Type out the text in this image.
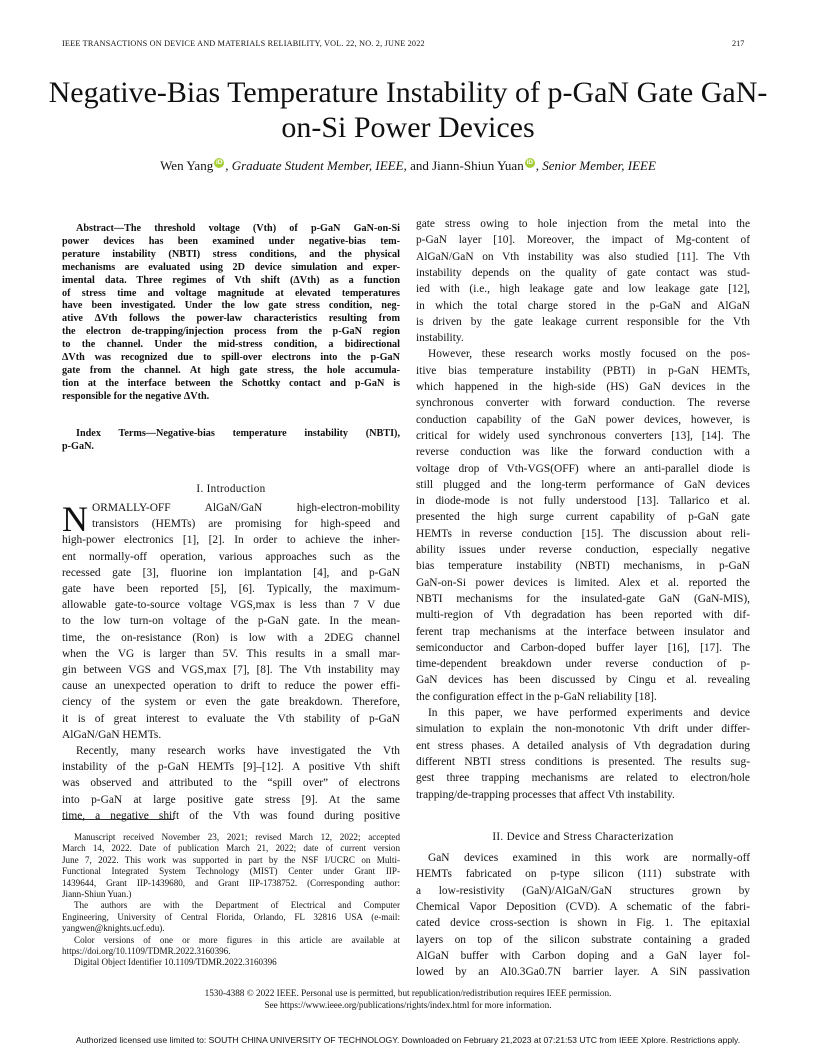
IEEE TRANSACTIONS ON DEVICE AND MATERIALS RELIABILITY, VOL. 22, NO. 2, JUNE 2022	217
Negative-Bias Temperature Instability of p-GaN Gate GaN-on-Si Power Devices
Wen Yang iD , Graduate Student Member, IEEE, and Jiann-Shiun Yuan iD , Senior Member, IEEE
Abstract—The threshold voltage (Vth) of p-GaN GaN-on-Si
power devices has been examined under negative-bias tem-
perature instability (NBTI) stress conditions, and the physical
mechanisms are evaluated using 2D device simulation and exper-
imental data. Three regimes of Vth shift (ΔVth) as a function
of stress time and voltage magnitude at elevated temperatures
have been investigated. Under the low gate stress condition, neg-
ative ΔVth follows the power-law characteristics resulting from
the electron de-trapping/injection process from the p-GaN region
to the channel. Under the mid-stress condition, a bidirectional
ΔVth was recognized due to spill-over electrons into the p-GaN
gate from the channel. At high gate stress, the hole accumula-
tion at the interface between the Schottky contact and p-GaN is
responsible for the negative ΔVth.
Index Terms—Negative-bias temperature instability (NBTI),
p-GaN.
I. Introduction
N ORMALLY-OFF AlGaN/GaN high-electron-mobility
transistors (HEMTs) are promising for high-speed and
high-power electronics [1], [2]. In order to achieve the inher-
ent normally-off operation, various approaches such as the
recessed gate [3], fluorine ion implantation [4], and p-GaN
gate have been reported [5], [6]. Typically, the maximum-
allowable gate-to-source voltage VGS,max is less than 7 V due
to the low turn-on voltage of the p-GaN gate. In the mean-
time, the on-resistance (Ron) is low with a 2DEG channel
when the VG is larger than 5V. This results in a small mar-
gin between VGS and VGS,max [7], [8]. The Vth instability may
cause an unexpected operation to drift to reduce the power effi-
ciency of the system or even the gate breakdown. Therefore,
it is of great interest to evaluate the Vth stability of p-GaN
AlGaN/GaN HEMTs.
Recently, many research works have investigated the Vth
instability of the p-GaN HEMTs [9]–[12]. A positive Vth shift
was observed and attributed to the “spill over” of electrons
into p-GaN at large positive gate stress [9]. At the same
time, a negative shift of the Vth was found during positive
Manuscript received November 23, 2021; revised March 12, 2022; accepted
March 14, 2022. Date of publication March 21, 2022; date of current version
June 7, 2022. This work was supported in part by the NSF I/UCRC on Multi-
Functional Integrated System Technology (MIST) Center under Grant IIP-
1439644, Grant IIP-1439680, and Grant IIP-1738752. (Corresponding author:
Jiann-Shiun Yuan.)
The authors are with the Department of Electrical and Computer
Engineering, University of Central Florida, Orlando, FL 32816 USA (e-mail:
yangwen@knights.ucf.edu).
Color versions of one or more figures in this article are available at
https://doi.org/10.1109/TDMR.2022.3160396.
Digital Object Identifier 10.1109/TDMR.2022.3160396
gate stress owing to hole injection from the metal into the
p-GaN layer [10]. Moreover, the impact of Mg-content of
AlGaN/GaN on Vth instability was also studied [11]. The Vth
instability depends on the quality of gate contact was stud-
ied with (i.e., high leakage gate and low leakage gate [12],
in which the total charge stored in the p-GaN and AlGaN
is driven by the gate leakage current responsible for the Vth
instability.
However, these research works mostly focused on the pos-
itive bias temperature instability (PBTI) in p-GaN HEMTs,
which happened in the high-side (HS) GaN devices in the
synchronous converter with forward conduction. The reverse
conduction capability of the GaN power devices, however, is
critical for widely used synchronous converters [13], [14]. The
reverse conduction was like the forward conduction with a
voltage drop of Vth-VGS(OFF) where an anti-parallel diode is
still plugged and the long-term performance of GaN devices
in diode-mode is not fully understood [13]. Tallarico et al.
presented the high surge current capability of p-GaN gate
HEMTs in reverse conduction [15]. The discussion about reli-
ability issues under reverse conduction, especially negative
bias temperature instability (NBTI) mechanisms, in p-GaN
GaN-on-Si power devices is limited. Alex et al. reported the
NBTI mechanisms for the insulated-gate GaN (GaN-MIS),
multi-region of Vth degradation has been reported with dif-
ferent trap mechanisms at the interface between insulator and
semiconductor and Carbon-doped buffer layer [16], [17]. The
time-dependent breakdown under reverse conduction of p-
GaN devices has been discussed by Cingu et al. revealing
the configuration effect in the p-GaN reliability [18].
In this paper, we have performed experiments and device
simulation to explain the non-monotonic Vth drift under differ-
ent stress phases. A detailed analysis of Vth degradation during
different NBTI stress conditions is presented. The results sug-
gest three trapping mechanisms are related to electron/hole
trapping/de-trapping processes that affect Vth instability.
II. Device and Stress Characterization
GaN devices examined in this work are normally-off
HEMTs fabricated on p-type silicon (111) substrate with
a low-resistivity (GaN)/AlGaN/GaN structures grown by
Chemical Vapor Deposition (CVD). A schematic of the fabri-
cated device cross-section is shown in Fig. 1. The epitaxial
layers on top of the silicon substrate containing a graded
AlGaN buffer with Carbon doping and a GaN layer fol-
lowed by an Al0.3Ga0.7N barrier layer. A SiN passivation
1530-4388 © 2022 IEEE. Personal use is permitted, but republication/redistribution requires IEEE permission.
See https://www.ieee.org/publications/rights/index.html for more information.
Authorized licensed use limited to: SOUTH CHINA UNIVERSITY OF TECHNOLOGY. Downloaded on February 21,2023 at 07:21:53 UTC from IEEE Xplore. Restrictions apply.
